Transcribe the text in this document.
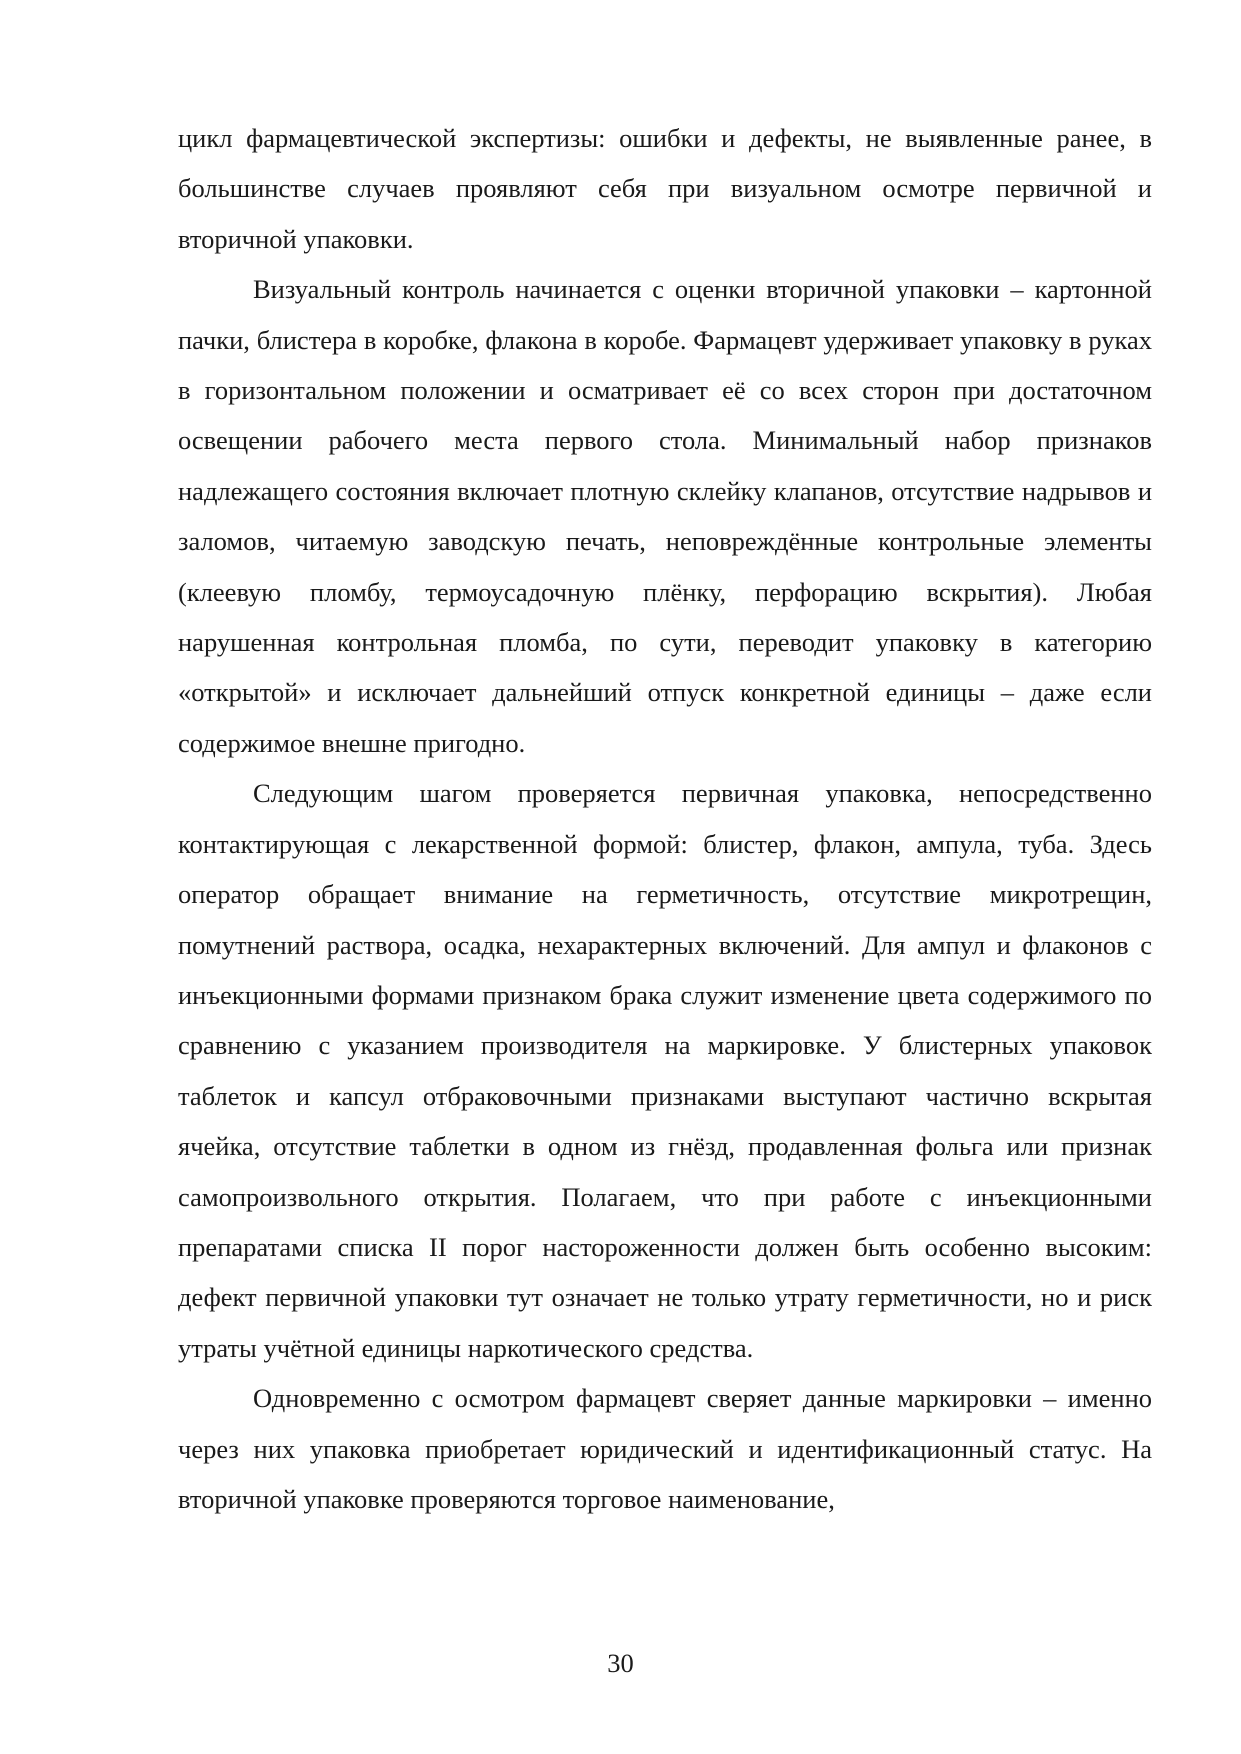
цикл фармацевтической экспертизы: ошибки и дефекты, не выявленные ранее, в большинстве случаев проявляют себя при визуальном осмотре первичной и вторичной упаковки.

Визуальный контроль начинается с оценки вторичной упаковки – картонной пачки, блистера в коробке, флакона в коробе. Фармацевт удерживает упаковку в руках в горизонтальном положении и осматривает её со всех сторон при достаточном освещении рабочего места первого стола. Минимальный набор признаков надлежащего состояния включает плотную склейку клапанов, отсутствие надрывов и заломов, читаемую заводскую печать, неповреждённые контрольные элементы (клеевую пломбу, термоусадочную плёнку, перфорацию вскрытия). Любая нарушенная контрольная пломба, по сути, переводит упаковку в категорию «открытой» и исключает дальнейший отпуск конкретной единицы – даже если содержимое внешне пригодно.

Следующим шагом проверяется первичная упаковка, непосредственно контактирующая с лекарственной формой: блистер, флакон, ампула, туба. Здесь оператор обращает внимание на герметичность, отсутствие микротрещин, помутнений раствора, осадка, нехарактерных включений. Для ампул и флаконов с инъекционными формами признаком брака служит изменение цвета содержимого по сравнению с указанием производителя на маркировке. У блистерных упаковок таблеток и капсул отбраковочными признаками выступают частично вскрытая ячейка, отсутствие таблетки в одном из гнёзд, продавленная фольга или признак самопроизвольного открытия. Полагаем, что при работе с инъекционными препаратами списка II порог настороженности должен быть особенно высоким: дефект первичной упаковки тут означает не только утрату герметичности, но и риск утраты учётной единицы наркотического средства.

Одновременно с осмотром фармацевт сверяет данные маркировки – именно через них упаковка приобретает юридический и идентификационный статус. На вторичной упаковке проверяются торговое наименование,

30
